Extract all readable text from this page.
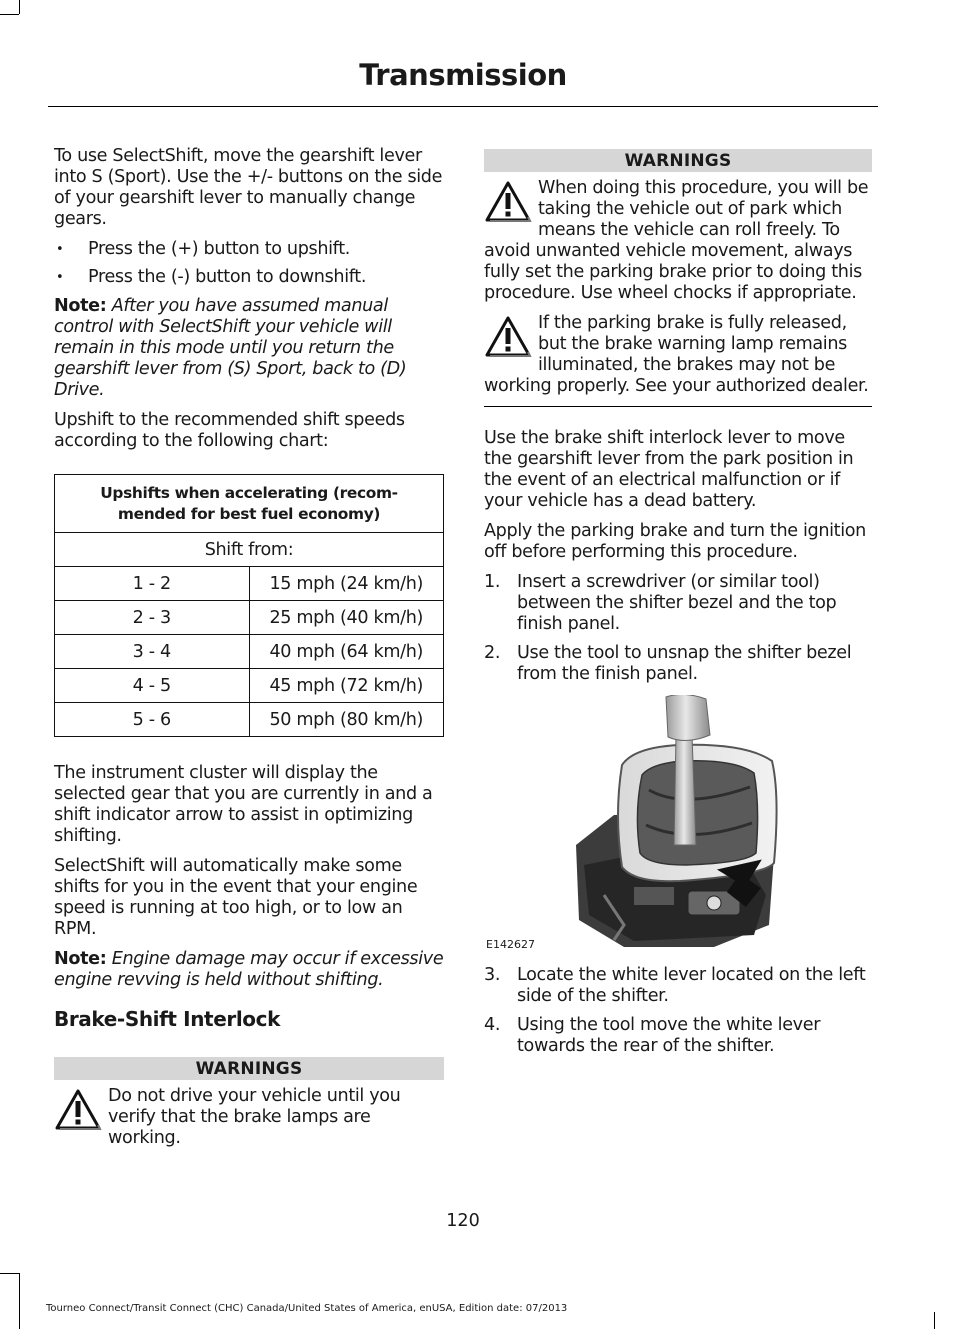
Transmission

To use SelectShift, move the gearshift lever into S (Sport). Use the +/- buttons on the side of your gearshift lever to manually change gears.

• Press the (+) button to upshift.
• Press the (-) button to downshift.

Note: After you have assumed manual control with SelectShift your vehicle will remain in this mode until you return the gearshift lever from (S) Sport, back to (D) Drive.

Upshift to the recommended shift speeds according to the following chart:

Upshifts when accelerating (recom-mended for best fuel economy)	
Shift from:	
1 - 2	15 mph (24 km/h)
2 - 3	25 mph (40 km/h)
3 - 4	40 mph (64 km/h)
4 - 5	45 mph (72 km/h)
5 - 6	50 mph (80 km/h)

The instrument cluster will display the selected gear that you are currently in and a shift indicator arrow to assist in optimizing shifting.

SelectShift will automatically make some shifts for you in the event that your engine speed is running at too high, or to low an RPM.

Note: Engine damage may occur if excessive engine revving is held without shifting.

Brake-Shift Interlock
WARNINGS
Do not drive your vehicle until you verify that the brake lamps are working.
WARNINGS
When doing this procedure, you will be taking the vehicle out of park which means the vehicle can roll freely. To avoid unwanted vehicle movement, always fully set the parking brake prior to doing this procedure. Use wheel chocks if appropriate.
If the parking brake is fully released, but the brake warning lamp remains illuminated, the brakes may not be working properly. See your authorized dealer.

Use the brake shift interlock lever to move the gearshift lever from the park position in the event of an electrical malfunction or if your vehicle has a dead battery.

Apply the parking brake and turn the ignition off before performing this procedure.

1. Insert a screwdriver (or similar tool) between the shifter bezel and the top finish panel.
2. Use the tool to unsnap the shifter bezel from the finish panel.
E142627
3. Locate the white lever located on the left side of the shifter.
4. Using the tool move the white lever towards the rear of the shifter.
120
Tourneo Connect/Transit Connect (CHC) Canada/United States of America, enUSA, Edition date: 07/2013
